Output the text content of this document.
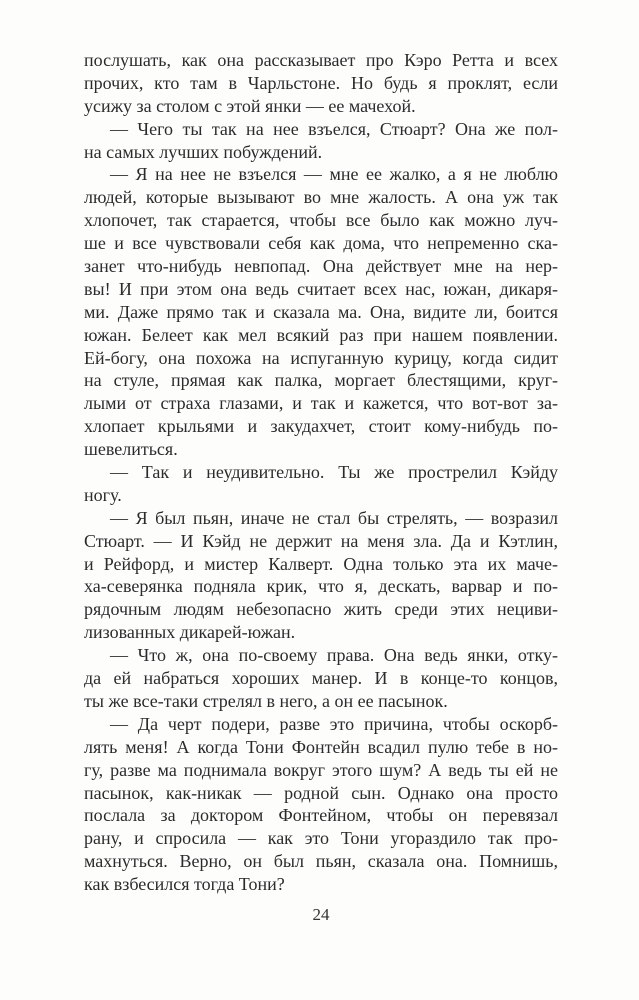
послушать, как она рассказывает про Кэро Ретта и всех
прочих, кто там в Чарльстоне. Но будь я проклят, если
усижу за столом с этой янки — ее мачехой.
— Чего ты так на нее взъелся, Стюарт? Она же пол-
на самых лучших побуждений.
— Я на нее не взъелся — мне ее жалко, а я не люблю
людей, которые вызывают во мне жалость. А она уж так
хлопочет, так старается, чтобы все было как можно луч-
ше и все чувствовали себя как дома, что непременно ска-
занет что-нибудь невпопад. Она действует мне на нер-
вы! И при этом она ведь считает всех нас, южан, дикаря-
ми. Даже прямо так и сказала ма. Она, видите ли, боится
южан. Белеет как мел всякий раз при нашем появлении.
Ей-богу, она похожа на испуганную курицу, когда сидит
на стуле, прямая как палка, моргает блестящими, круг-
лыми от страха глазами, и так и кажется, что вот-вот за-
хлопает крыльями и закудахчет, стоит кому-нибудь по-
шевелиться.
— Так и неудивительно. Ты же прострелил Кэйду
ногу.
— Я был пьян, иначе не стал бы стрелять, — возразил
Стюарт. — И Кэйд не держит на меня зла. Да и Кэтлин,
и Рейфорд, и мистер Калверт. Одна только эта их маче-
ха-северянка подняла крик, что я, дескать, варвар и по-
рядочным людям небезопасно жить среди этих нециви-
лизованных дикарей-южан.
— Что ж, она по-своему права. Она ведь янки, отку-
да ей набраться хороших манер. И в конце-то концов,
ты же все-таки стрелял в него, а он ее пасынок.
— Да черт подери, разве это причина, чтобы оскорб-
лять меня! А когда Тони Фонтейн всадил пулю тебе в но-
гу, разве ма поднимала вокруг этого шум? А ведь ты ей не
пасынок, как-никак — родной сын. Однако она просто
послала за доктором Фонтейном, чтобы он перевязал
рану, и спросила — как это Тони угораздило так про-
махнуться. Верно, он был пьян, сказала она. Помнишь,
как взбесился тогда Тони?
24
